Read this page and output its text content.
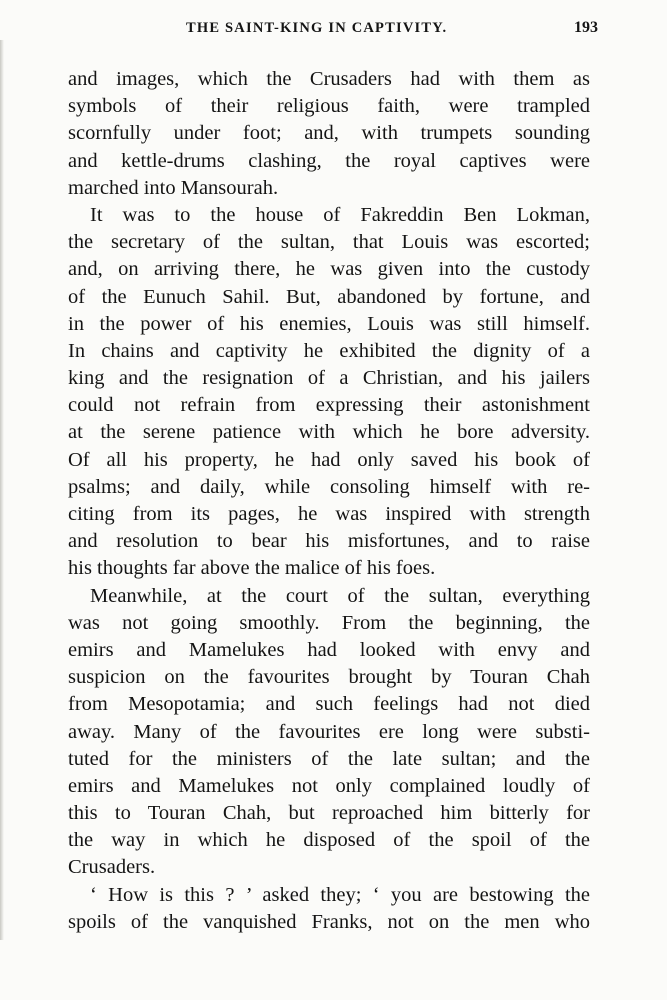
THE SAINT-KING IN CAPTIVITY.	193
and images, which the Crusaders had with them as
symbols of their religious faith, were trampled
scornfully under foot; and, with trumpets sounding
and kettle-drums clashing, the royal captives were
marched into Mansourah.
It was to the house of Fakreddin Ben Lokman,
the secretary of the sultan, that Louis was escorted;
and, on arriving there, he was given into the custody
of the Eunuch Sahil. But, abandoned by fortune, and
in the power of his enemies, Louis was still himself.
In chains and captivity he exhibited the dignity of a
king and the resignation of a Christian, and his jailers
could not refrain from expressing their astonishment
at the serene patience with which he bore adversity.
Of all his property, he had only saved his book of
psalms; and daily, while consoling himself with re-
citing from its pages, he was inspired with strength
and resolution to bear his misfortunes, and to raise
his thoughts far above the malice of his foes.
Meanwhile, at the court of the sultan, everything
was not going smoothly. From the beginning, the
emirs and Mamelukes had looked with envy and
suspicion on the favourites brought by Touran Chah
from Mesopotamia; and such feelings had not died
away. Many of the favourites ere long were substi-
tuted for the ministers of the late sultan; and the
emirs and Mamelukes not only complained loudly of
this to Touran Chah, but reproached him bitterly for
the way in which he disposed of the spoil of the
Crusaders.
‘ How is this ? ’ asked they; ‘ you are bestowing the
spoils of the vanquished Franks, not on the men who
